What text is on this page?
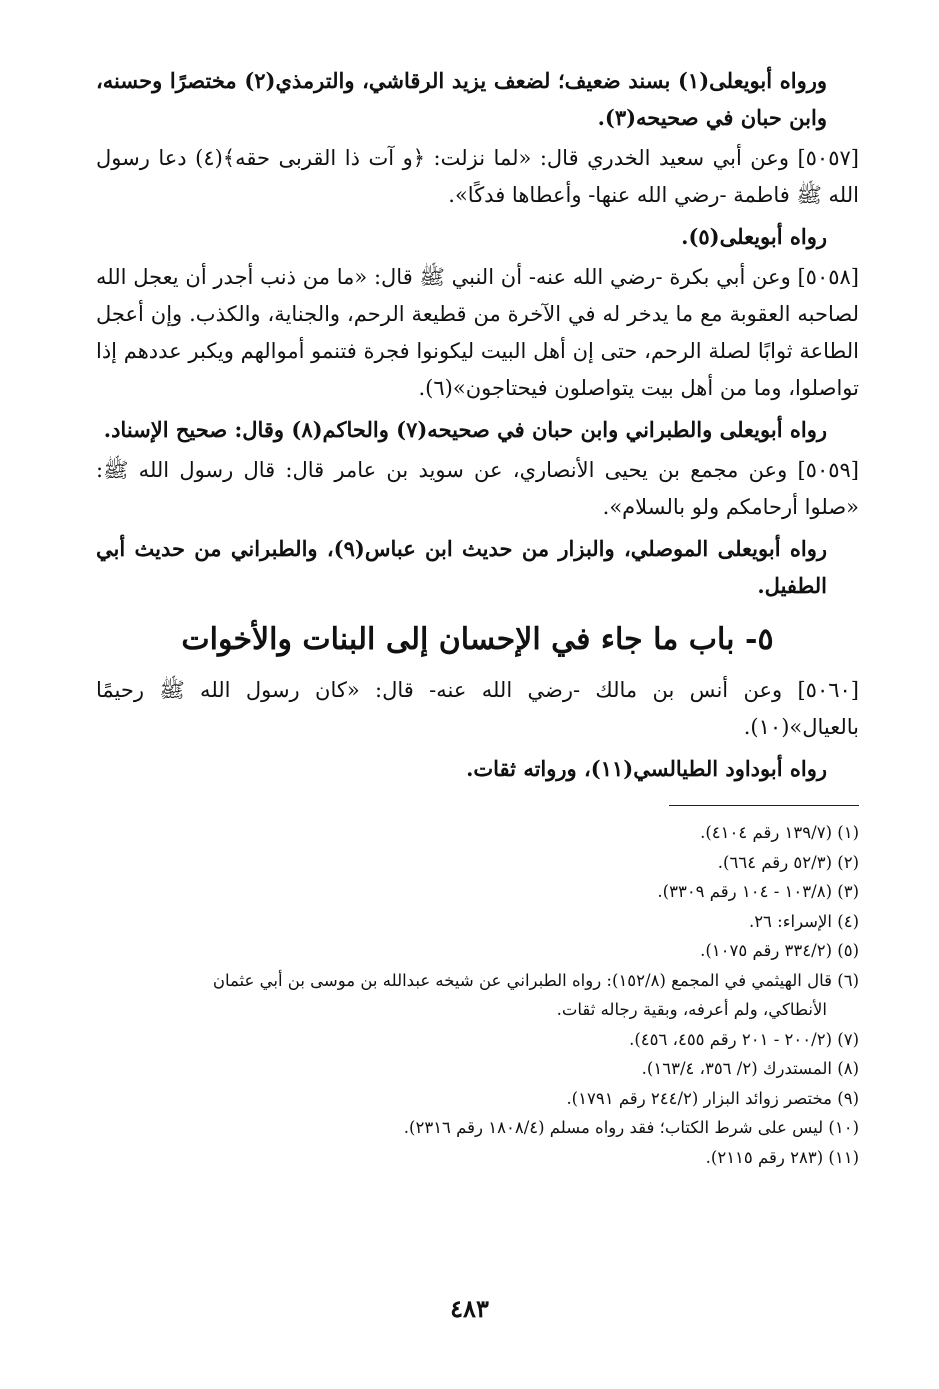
ورواه أبويعلى(١) بسند ضعيف؛ لضعف يزيد الرقاشي، والترمذي(٢) مختصرًا وحسنه، وابن حبان في صحيحه(٣).

[٥٠٥٧] وعن أبي سعيد الخدري قال: «لما نزلت: ﴿و آت ذا القربى حقه﴾(٤) دعا رسول الله ﷺ فاطمة -رضي الله عنها- وأعطاها فدكًا».

رواه أبويعلى(٥).

[٥٠٥٨] وعن أبي بكرة -رضي الله عنه- أن النبي ﷺ قال: «ما من ذنب أجدر أن يعجل الله لصاحبه العقوبة مع ما يدخر له في الآخرة من قطيعة الرحم، والجناية، والكذب. وإن أعجل الطاعة ثوابًا لصلة الرحم، حتى إن أهل البيت ليكونوا فجرة فتنمو أموالهم ويكبر عددهم إذا تواصلوا، وما من أهل بيت يتواصلون فيحتاجون»(٦).

رواه أبويعلى والطبراني وابن حبان في صحيحه(٧) والحاكم(٨) وقال: صحيح الإسناد.

[٥٠٥٩] وعن مجمع بن يحيى الأنصاري، عن سويد بن عامر قال: قال رسول الله ﷺ: «صلوا أرحامكم ولو بالسلام».

رواه أبويعلى الموصلي، والبزار من حديث ابن عباس(٩)، والطبراني من حديث أبي الطفيل.

٥- باب ما جاء في الإحسان إلى البنات والأخوات

[٥٠٦٠] وعن أنس بن مالك -رضي الله عنه- قال: «كان رسول الله ﷺ رحيمًا بالعيال»(١٠).

رواه أبوداود الطيالسي(١١)، ورواته ثقات.

(١) (١٣٩/٧ رقم ٤١٠٤).

(٢) (٥٢/٣ رقم ٦٦٤).

(٣) (١٠٣/٨ - ١٠٤ رقم ٣٣٠٩).

(٤) الإسراء: ٢٦.

(٥) (٣٣٤/٢ رقم ١٠٧٥).

(٦) قال الهيثمي في المجمع (١٥٢/٨): رواه الطبراني عن شيخه عبدالله بن موسى بن أبي عثمان

الأنطاكي، ولم أعرفه، وبقية رجاله ثقات.

(٧) (٢٠٠/٢ - ٢٠١ رقم ٤٥٥، ٤٥٦).

(٨) المستدرك (٢/ ٣٥٦، ١٦٣/٤).

(٩) مختصر زوائد البزار (٢٤٤/٢ رقم ١٧٩١).

(١٠) ليس على شرط الكتاب؛ فقد رواه مسلم (١٨٠٨/٤ رقم ٢٣١٦).

(١١) (٢٨٣ رقم ٢١١٥).

٤٨٣
